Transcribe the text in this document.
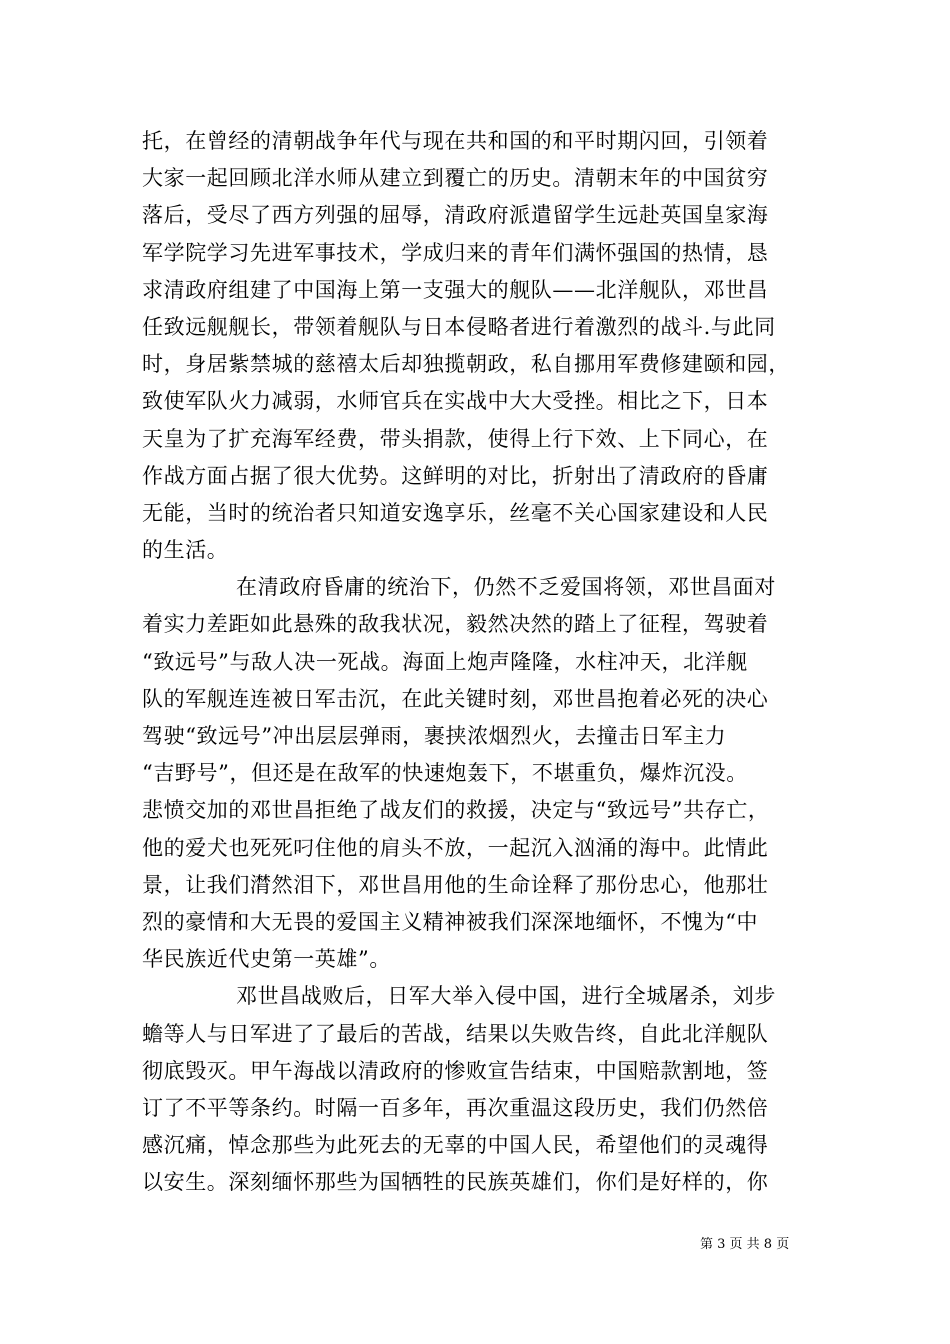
托，在曾经的清朝战争年代与现在共和国的和平时期闪回，引领着
大家一起回顾北洋水师从建立到覆亡的历史。清朝末年的中国贫穷
落后，受尽了西方列强的屈辱，清政府派遣留学生远赴英国皇家海
军学院学习先进军事技术，学成归来的青年们满怀强国的热情，恳
求清政府组建了中国海上第一支强大的舰队——北洋舰队，邓世昌
任致远舰舰长，带领着舰队与日本侵略者进行着激烈的战斗.与此同
时，身居紫禁城的慈禧太后却独揽朝政，私自挪用军费修建颐和园，
致使军队火力减弱，水师官兵在实战中大大受挫。相比之下，日本
天皇为了扩充海军经费，带头捐款，使得上行下效、上下同心，在
作战方面占据了很大优势。这鲜明的对比，折射出了清政府的昏庸
无能，当时的统治者只知道安逸享乐，丝毫不关心国家建设和人民
的生活。
在清政府昏庸的统治下，仍然不乏爱国将领，邓世昌面对
着实力差距如此悬殊的敌我状况，毅然决然的踏上了征程，驾驶着
“致远号”与敌人决一死战。海面上炮声隆隆，水柱冲天，北洋舰
队的军舰连连被日军击沉，在此关键时刻，邓世昌抱着必死的决心
驾驶“致远号”冲出层层弹雨，裹挟浓烟烈火，去撞击日军主力
“吉野号”，但还是在敌军的快速炮轰下，不堪重负，爆炸沉没。
悲愤交加的邓世昌拒绝了战友们的救援，决定与“致远号”共存亡，
他的爱犬也死死叼住他的肩头不放，一起沉入汹涌的海中。此情此
景，让我们潸然泪下，邓世昌用他的生命诠释了那份忠心，他那壮
烈的豪情和大无畏的爱国主义精神被我们深深地缅怀，不愧为“中
华民族近代史第一英雄”。
邓世昌战败后，日军大举入侵中国，进行全城屠杀，刘步
蟾等人与日军进了了最后的苦战，结果以失败告终，自此北洋舰队
彻底毁灭。甲午海战以清政府的惨败宣告结束，中国赔款割地，签
订了不平等条约。时隔一百多年，再次重温这段历史，我们仍然倍
感沉痛，悼念那些为此死去的无辜的中国人民，希望他们的灵魂得
以安生。深刻缅怀那些为国牺牲的民族英雄们，你们是好样的，你
第 3 页 共 8 页
